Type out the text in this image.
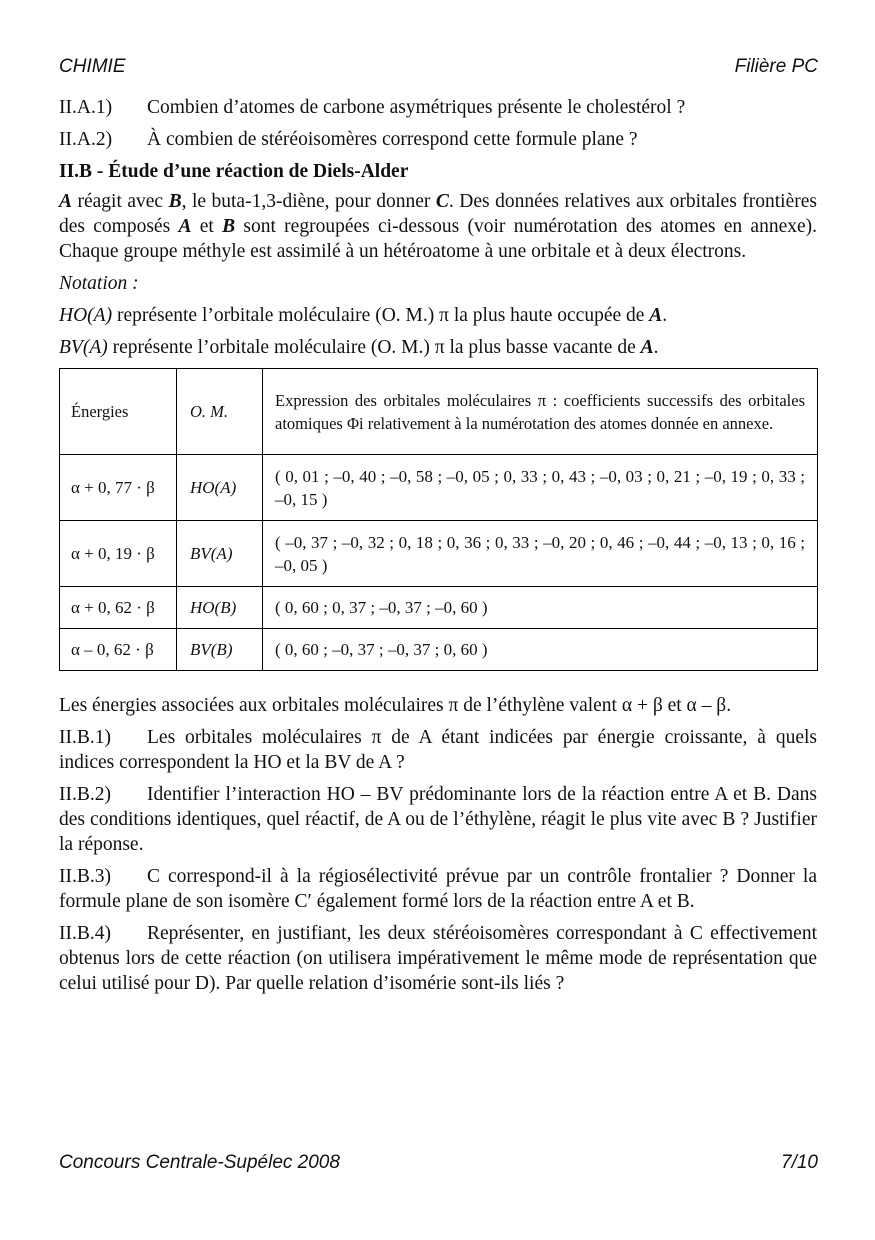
CHIMIE	Filière PC
II.A.1) Combien d’atomes de carbone asymétriques présente le cholestérol ?
II.A.2) À combien de stéréoisomères correspond cette formule plane ?
II.B - Étude d’une réaction de Diels-Alder
A réagit avec B, le buta-1,3-diène, pour donner C. Des données relatives aux orbitales frontières des composés A et B sont regroupées ci-dessous (voir numérotation des atomes en annexe). Chaque groupe méthyle est assimilé à un hétéroatome à une orbitale et à deux électrons.
Notation :
HO(A) représente l’orbitale moléculaire (O. M.) π la plus haute occupée de A.
BV(A) représente l’orbitale moléculaire (O. M.) π la plus basse vacante de A.
Énergies	O. M.	Expression des orbitales moléculaires π : coefficients successifs des orbitales atomiques Φi relativement à la numérotation des atomes donnée en annexe.
α + 0, 77 · β	HO(A)	( 0, 01 ; –0, 40 ; –0, 58 ; –0, 05 ; 0, 33 ; 0, 43 ; –0, 03 ; 0, 21 ; –0, 19 ; 0, 33 ; –0, 15 )
α + 0, 19 · β	BV(A)	( –0, 37 ; –0, 32 ; 0, 18 ; 0, 36 ; 0, 33 ; –0, 20 ; 0, 46 ; –0, 44 ; –0, 13 ; 0, 16 ; –0, 05 )
α + 0, 62 · β	HO(B)	( 0, 60 ; 0, 37 ; –0, 37 ; –0, 60 )
α – 0, 62 · β	BV(B)	( 0, 60 ; –0, 37 ; –0, 37 ; 0, 60 )
Les énergies associées aux orbitales moléculaires π de l’éthylène valent α + β et α – β.
II.B.1) Les orbitales moléculaires π de A étant indicées par énergie croissante, à quels indices correspondent la HO et la BV de A ?
II.B.2) Identifier l’interaction HO – BV prédominante lors de la réaction entre A et B. Dans des conditions identiques, quel réactif, de A ou de l’éthylène, réagit le plus vite avec B ? Justifier la réponse.
II.B.3) C correspond-il à la régiosélectivité prévue par un contrôle frontalier ? Donner la formule plane de son isomère C′ également formé lors de la réaction entre A et B.
II.B.4) Représenter, en justifiant, les deux stéréoisomères correspondant à C effectivement obtenus lors de cette réaction (on utilisera impérativement le même mode de représentation que celui utilisé pour D). Par quelle relation d’isomérie sont-ils liés ?
Concours Centrale-Supélec 2008	7/10
